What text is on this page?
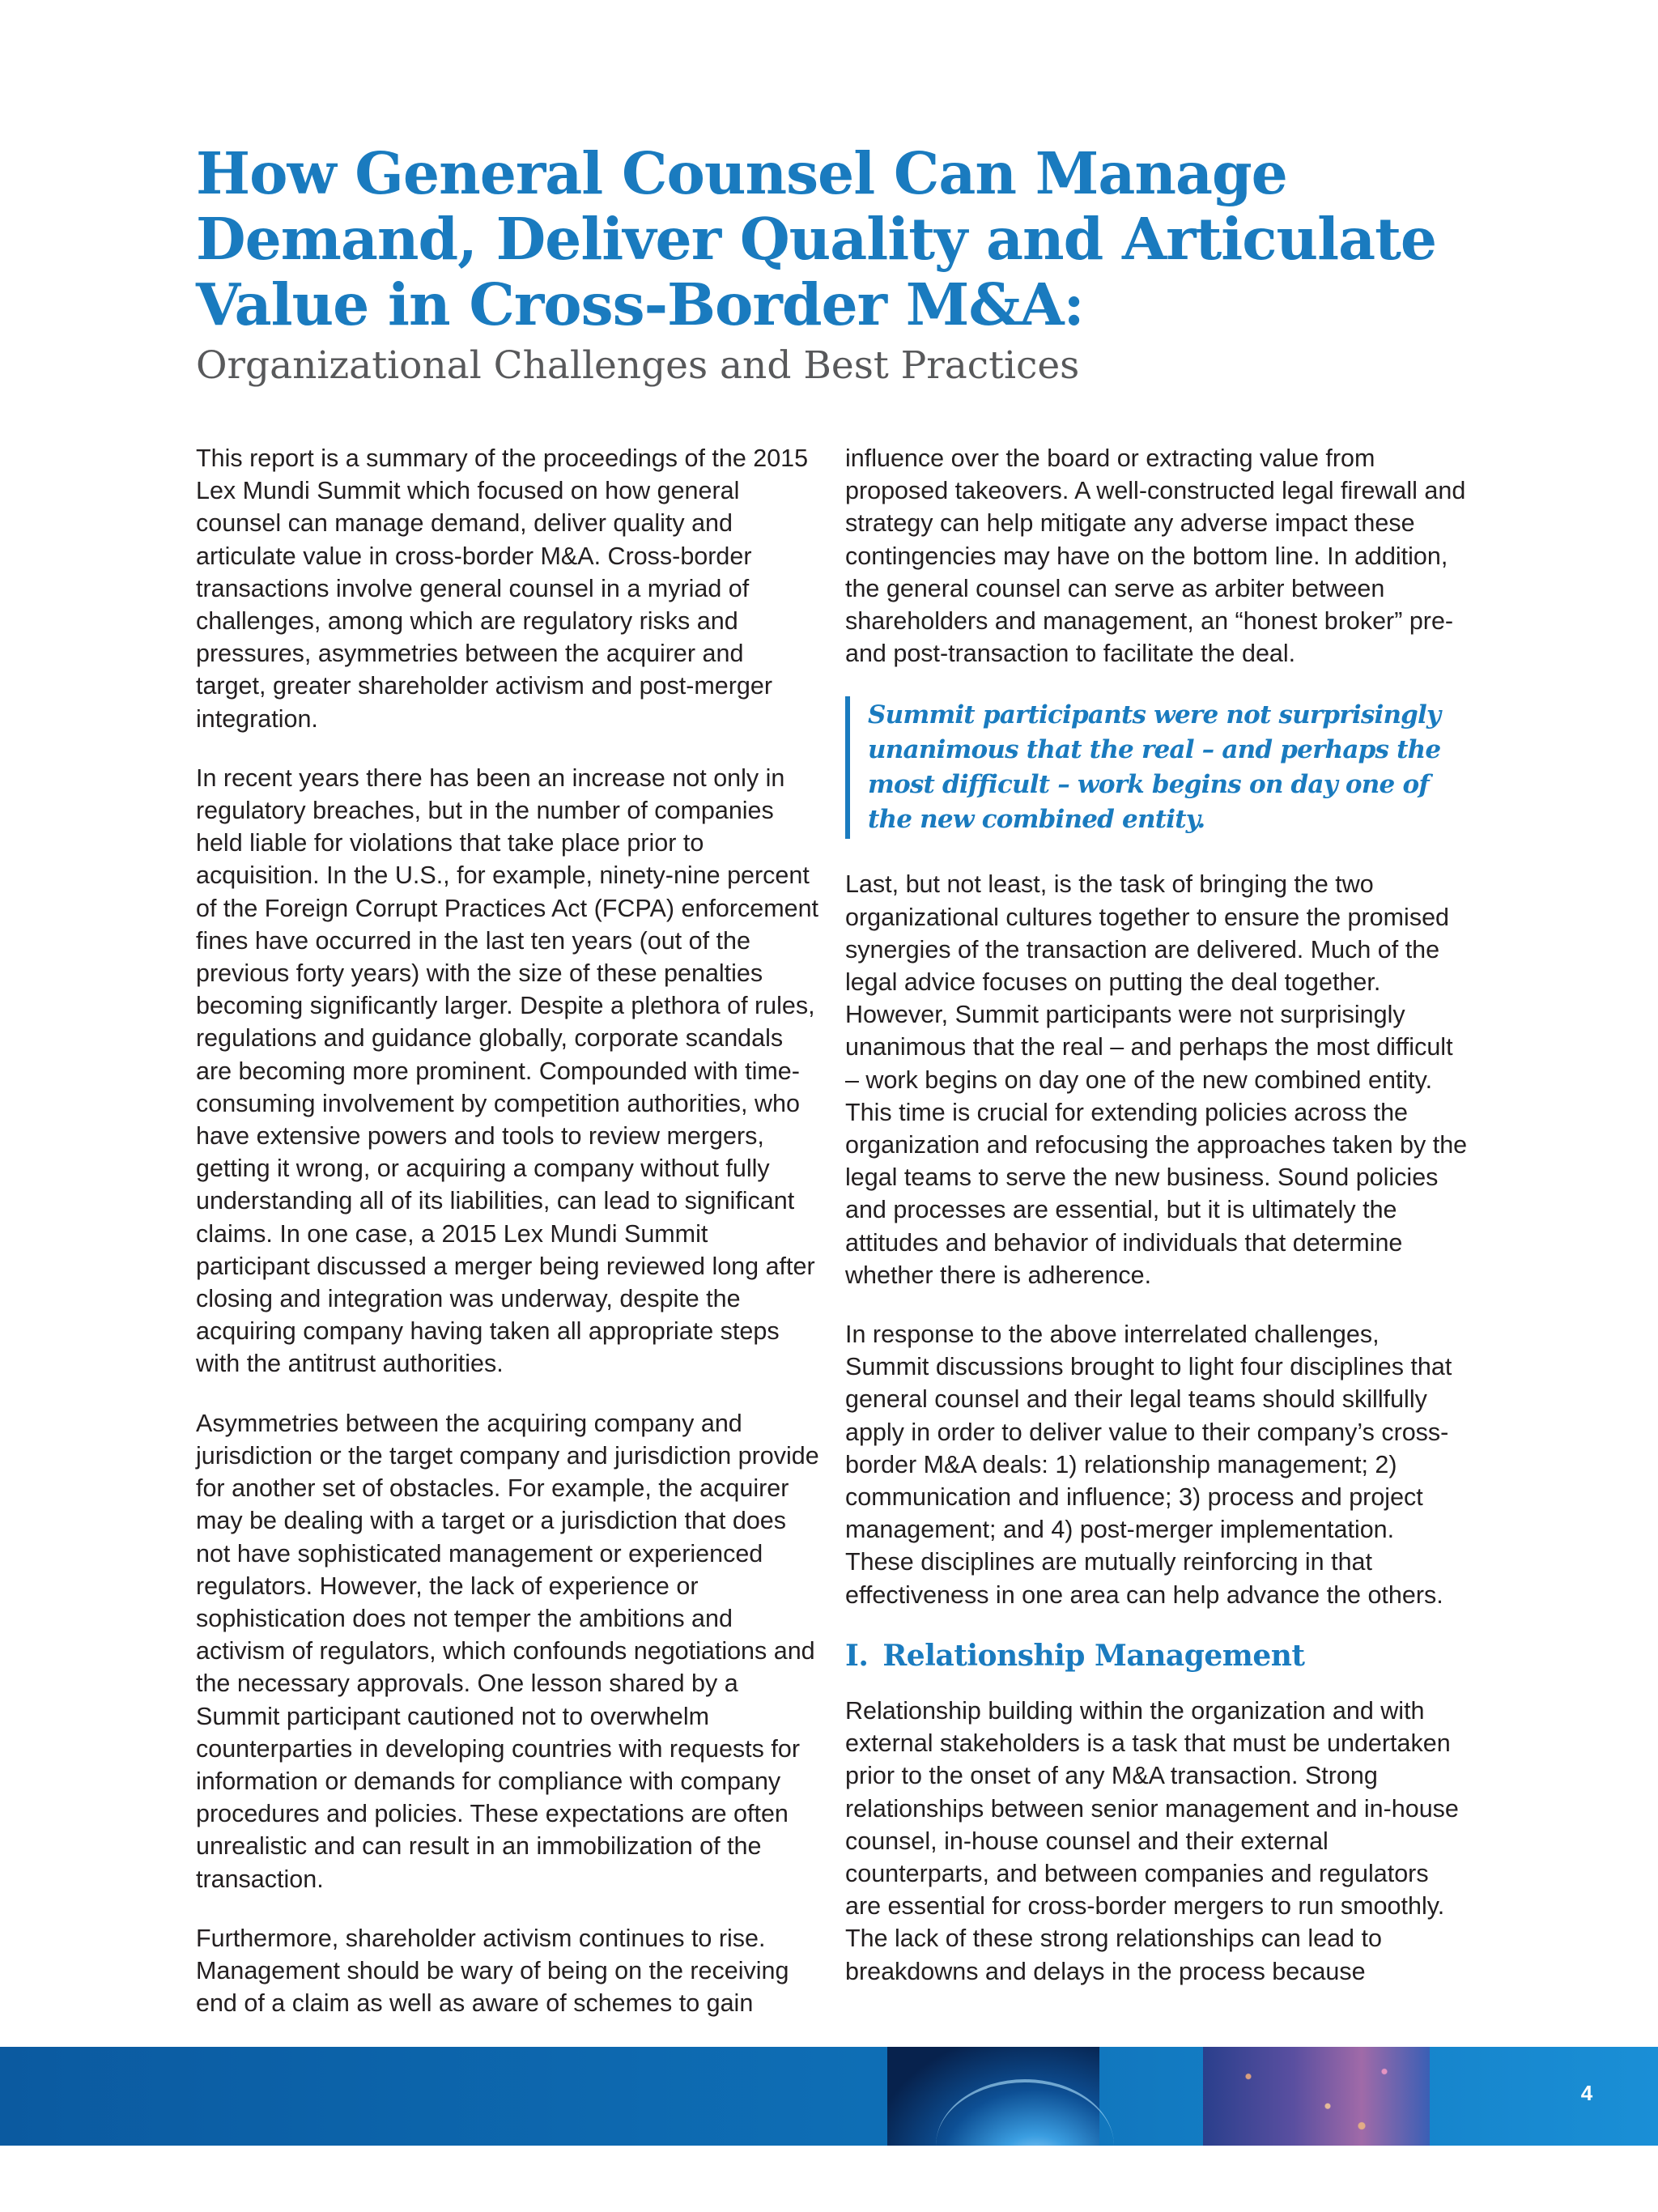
How General Counsel Can Manage Demand, Deliver Quality and Articulate Value in Cross-Border M&A:
Organizational Challenges and Best Practices

This report is a summary of the proceedings of the 2015 Lex Mundi Summit which focused on how general counsel can manage demand, deliver quality and articulate value in cross-border M&A. Cross-border transactions involve general counsel in a myriad of challenges, among which are regulatory risks and pressures, asymmetries between the acquirer and target, greater shareholder activism and post-merger integration.

In recent years there has been an increase not only in regulatory breaches, but in the number of companies held liable for violations that take place prior to acquisition. In the U.S., for example, ninety-nine percent of the Foreign Corrupt Practices Act (FCPA) enforcement fines have occurred in the last ten years (out of the previous forty years) with the size of these penalties becoming significantly larger. Despite a plethora of rules, regulations and guidance globally, corporate scandals are becoming more prominent. Compounded with time-consuming involvement by competition authorities, who have extensive powers and tools to review mergers, getting it wrong, or acquiring a company without fully understanding all of its liabilities, can lead to significant claims. In one case, a 2015 Lex Mundi Summit participant discussed a merger being reviewed long after closing and integration was underway, despite the acquiring company having taken all appropriate steps with the antitrust authorities.

Asymmetries between the acquiring company and jurisdiction or the target company and jurisdiction provide for another set of obstacles. For example, the acquirer may be dealing with a target or a jurisdiction that does not have sophisticated management or experienced regulators. However, the lack of experience or sophistication does not temper the ambitions and activism of regulators, which confounds negotiations and the necessary approvals. One lesson shared by a Summit participant cautioned not to overwhelm counterparties in developing countries with requests for information or demands for compliance with company procedures and policies. These expectations are often unrealistic and can result in an immobilization of the transaction.

Furthermore, shareholder activism continues to rise. Management should be wary of being on the receiving end of a claim as well as aware of schemes to gain

influence over the board or extracting value from proposed takeovers. A well-constructed legal firewall and strategy can help mitigate any adverse impact these contingencies may have on the bottom line. In addition, the general counsel can serve as arbiter between shareholders and management, an “honest broker” pre- and post-transaction to facilitate the deal.

Summit participants were not surprisingly unanimous that the real – and perhaps the most difficult – work begins on day one of the new combined entity.

Last, but not least, is the task of bringing the two organizational cultures together to ensure the promised synergies of the transaction are delivered. Much of the legal advice focuses on putting the deal together. However, Summit participants were not surprisingly unanimous that the real – and perhaps the most difficult – work begins on day one of the new combined entity. This time is crucial for extending policies across the organization and refocusing the approaches taken by the legal teams to serve the new business. Sound policies and processes are essential, but it is ultimately the attitudes and behavior of individuals that determine whether there is adherence.

In response to the above interrelated challenges, Summit discussions brought to light four disciplines that general counsel and their legal teams should skillfully apply in order to deliver value to their company’s cross-border M&A deals: 1) relationship management; 2) communication and influence; 3) process and project management; and 4) post-merger implementation. These disciplines are mutually reinforcing in that effectiveness in one area can help advance the others.

I. Relationship Management

Relationship building within the organization and with external stakeholders is a task that must be undertaken prior to the onset of any M&A transaction. Strong relationships between senior management and in-house counsel, in-house counsel and their external counterparts, and between companies and regulators are essential for cross-border mergers to run smoothly. The lack of these strong relationships can lead to breakdowns and delays in the process because

4
